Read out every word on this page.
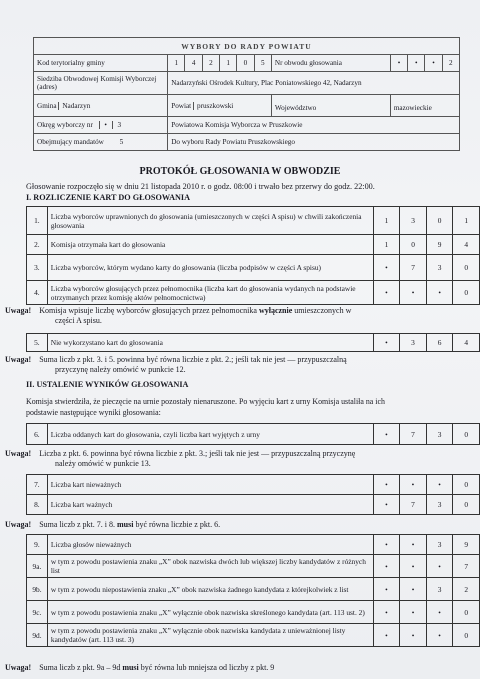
WYBORY DO RADY POWIATU											
Kod terytorialny gminy	1	4	2	1	0	5	Nr obwodu głosowania	•	•	•	2
Siedziba Obwodowej Komisji Wyborczej (adres)	Nadarzyński Ośrodek Kultury, Plac Poniatowskiego 42, Nadarzyn										
Gmina Nadarzyn	Powiat pruszkowski						Województwo	mazowieckie			
Okręg wyborczy nr • 3	Powiatowa Komisja Wyborcza w Pruszkowie										
Obejmujący mandatów 5	Do wyboru Rady Powiatu Pruszkowskiego										
PROTOKÓŁ GŁOSOWANIA W OBWODZIE
Głosowanie rozpoczęło się w dniu 21 listopada 2010 r. o godz. 08:00 i trwało bez przerwy do godz. 22:00.
I. ROZLICZENIE KART DO GŁOSOWANIA
1.	Liczba wyborców uprawnionych do głosowania (umieszczonych w części A spisu) w chwili zakończenia głosowania	1	3	0	1
2.	Komisja otrzymała kart do głosowania	1	0	9	4
3.	Liczba wyborców, którym wydano karty do głosowania (liczba podpisów w części A spisu)	•	7	3	0
4.	Liczba wyborców głosujących przez pełnomocnika (liczba kart do głosowania wydanych na podstawie otrzymanych przez komisję aktów pełnomocnictwa)	•	•	•	0
Uwaga! Komisja wpisuje liczbę wyborców głosujących przez pełnomocnika wyłącznie umieszczonych w
części A spisu.
5.	Nie wykorzystano kart do głosowania	•	3	6	4
Uwaga! Suma liczb z pkt. 3. i 5. powinna być równa liczbie z pkt. 2.; jeśli tak nie jest — przypuszczalną
przyczynę należy omówić w punkcie 12.
II. USTALENIE WYNIKÓW GŁOSOWANIA
Komisja stwierdziła, że pieczęcie na urnie pozostały nienaruszone. Po wyjęciu kart z urny Komisja ustaliła na ich
podstawie następujące wyniki głosowania:
6.	Liczba oddanych kart do głosowania, czyli liczba kart wyjętych z urny	•	7	3	0
Uwaga! Liczba z pkt. 6. powinna być równa liczbie z pkt. 3.; jeśli tak nie jest — przypuszczalną przyczynę
należy omówić w punkcie 13.
7.	Liczba kart nieważnych	•	•	•	0
8.	Liczba kart ważnych	•	7	3	0
Uwaga! Suma liczb z pkt. 7. i 8. musi być równa liczbie z pkt. 6.
9.	Liczba głosów nieważnych	•	•	3	9
9a.	w tym z powodu postawienia znaku „X” obok nazwiska dwóch lub większej liczby kandydatów z różnych list	•	•	•	7
9b.	w tym z powodu niepostawienia znaku „X” obok nazwiska żadnego kandydata z którejkolwiek z list	•	•	3	2
9c.	w tym z powodu postawienia znaku „X” wyłącznie obok nazwiska skreślonego kandydata (art. 113 ust. 2)	•	•	•	0
9d.	w tym z powodu postawienia znaku „X” wyłącznie obok nazwiska kandydata z unieważnionej listy kandydatów (art. 113 ust. 3)	•	•	•	0
Uwaga! Suma liczb z pkt. 9a – 9d musi być równa lub mniejsza od liczby z pkt. 9
